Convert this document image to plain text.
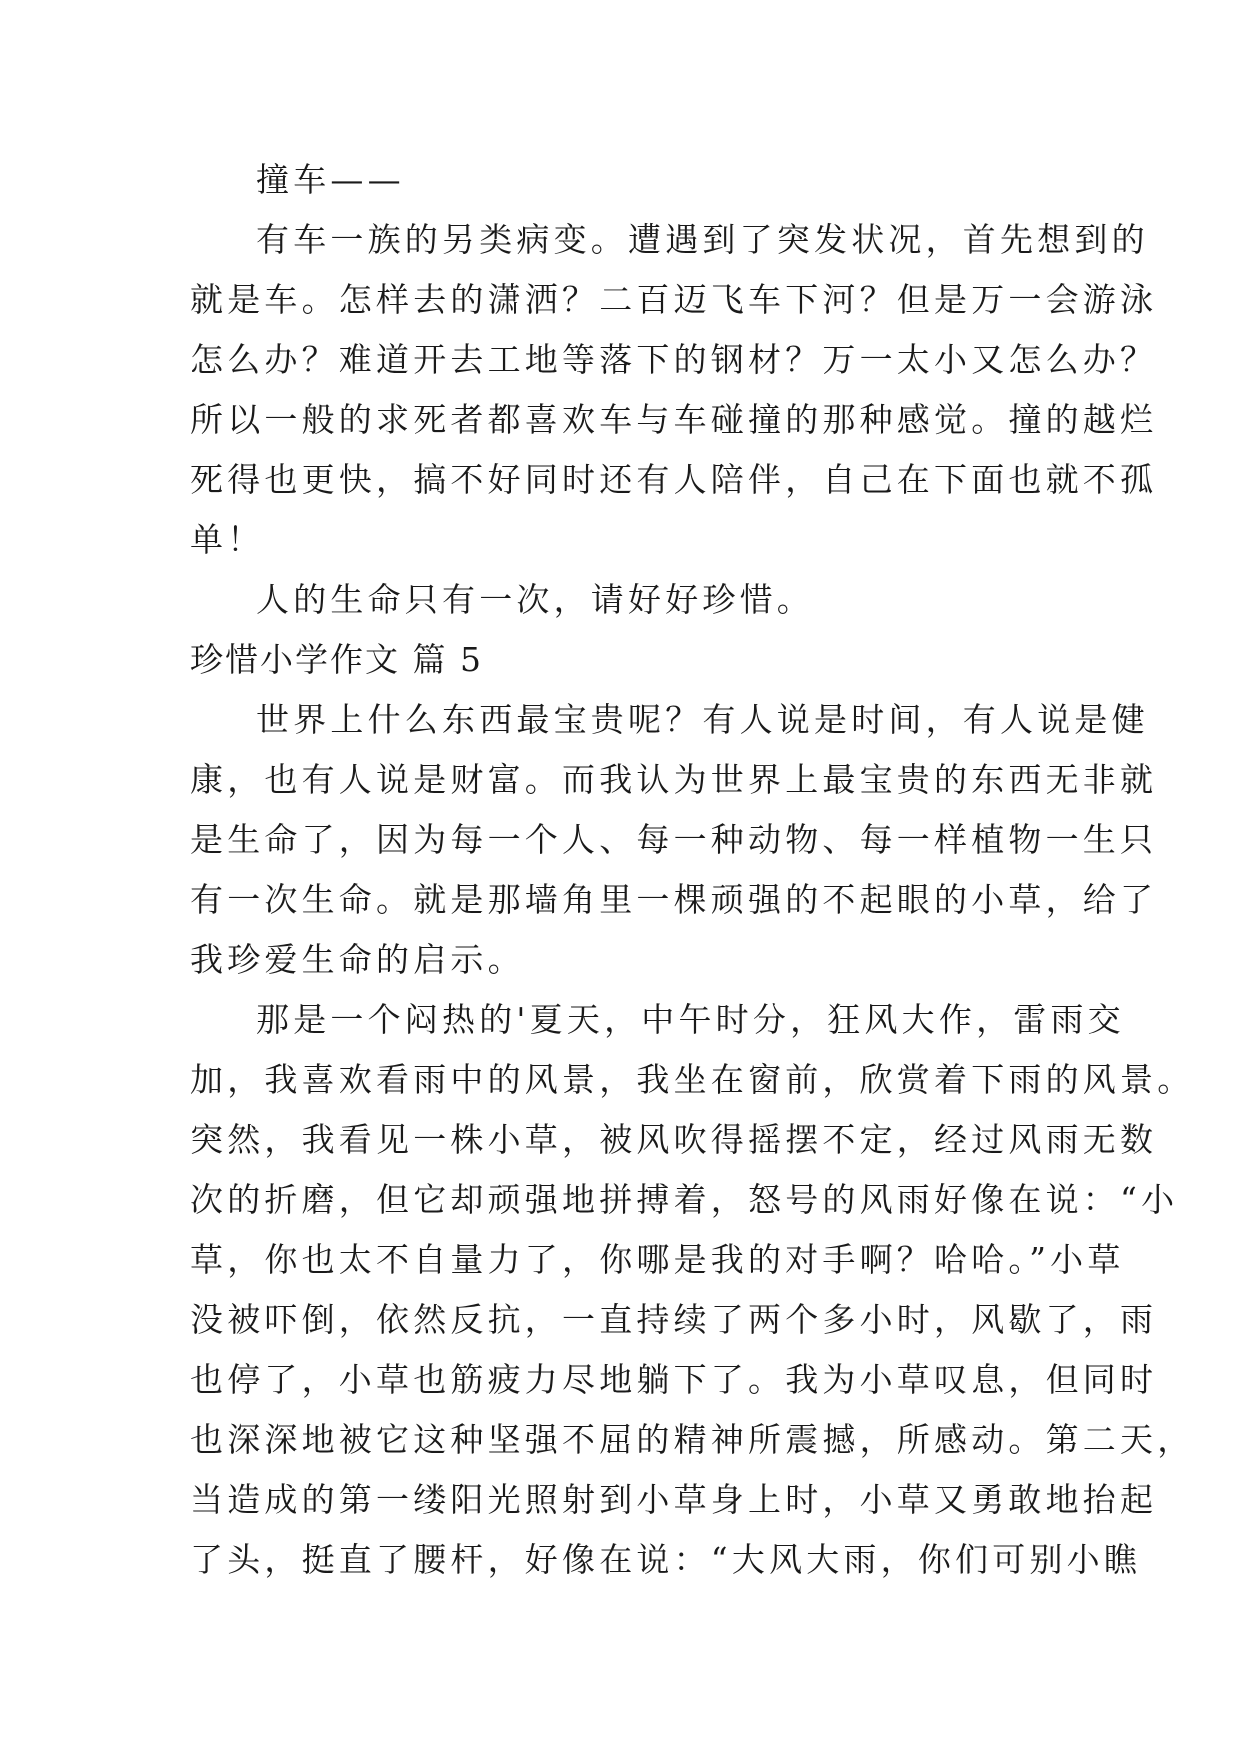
撞车——
有车一族的另类病变。遭遇到了突发状况，首先想到的
就是车。怎样去的潇洒？二百迈飞车下河？但是万一会游泳
怎么办？难道开去工地等落下的钢材？万一太小又怎么办？
所以一般的求死者都喜欢车与车碰撞的那种感觉。撞的越烂
死得也更快，搞不好同时还有人陪伴，自己在下面也就不孤
单！
人的生命只有一次，请好好珍惜。
珍惜小学作文 篇 5
世界上什么东西最宝贵呢？有人说是时间，有人说是健
康，也有人说是财富。而我认为世界上最宝贵的东西无非就
是生命了，因为每一个人、每一种动物、每一样植物一生只
有一次生命。就是那墙角里一棵顽强的不起眼的小草，给了
我珍爱生命的启示。
那是一个闷热的'夏天，中午时分，狂风大作，雷雨交
加，我喜欢看雨中的风景，我坐在窗前，欣赏着下雨的风景。
突然，我看见一株小草，被风吹得摇摆不定，经过风雨无数
次的折磨，但它却顽强地拼搏着，怒号的风雨好像在说：“小
草，你也太不自量力了，你哪是我的对手啊？哈哈。”小草
没被吓倒，依然反抗，一直持续了两个多小时，风歇了，雨
也停了，小草也筋疲力尽地躺下了。我为小草叹息，但同时
也深深地被它这种坚强不屈的精神所震撼，所感动。第二天，
当造成的第一缕阳光照射到小草身上时，小草又勇敢地抬起
了头，挺直了腰杆，好像在说：“大风大雨，你们可别小瞧
